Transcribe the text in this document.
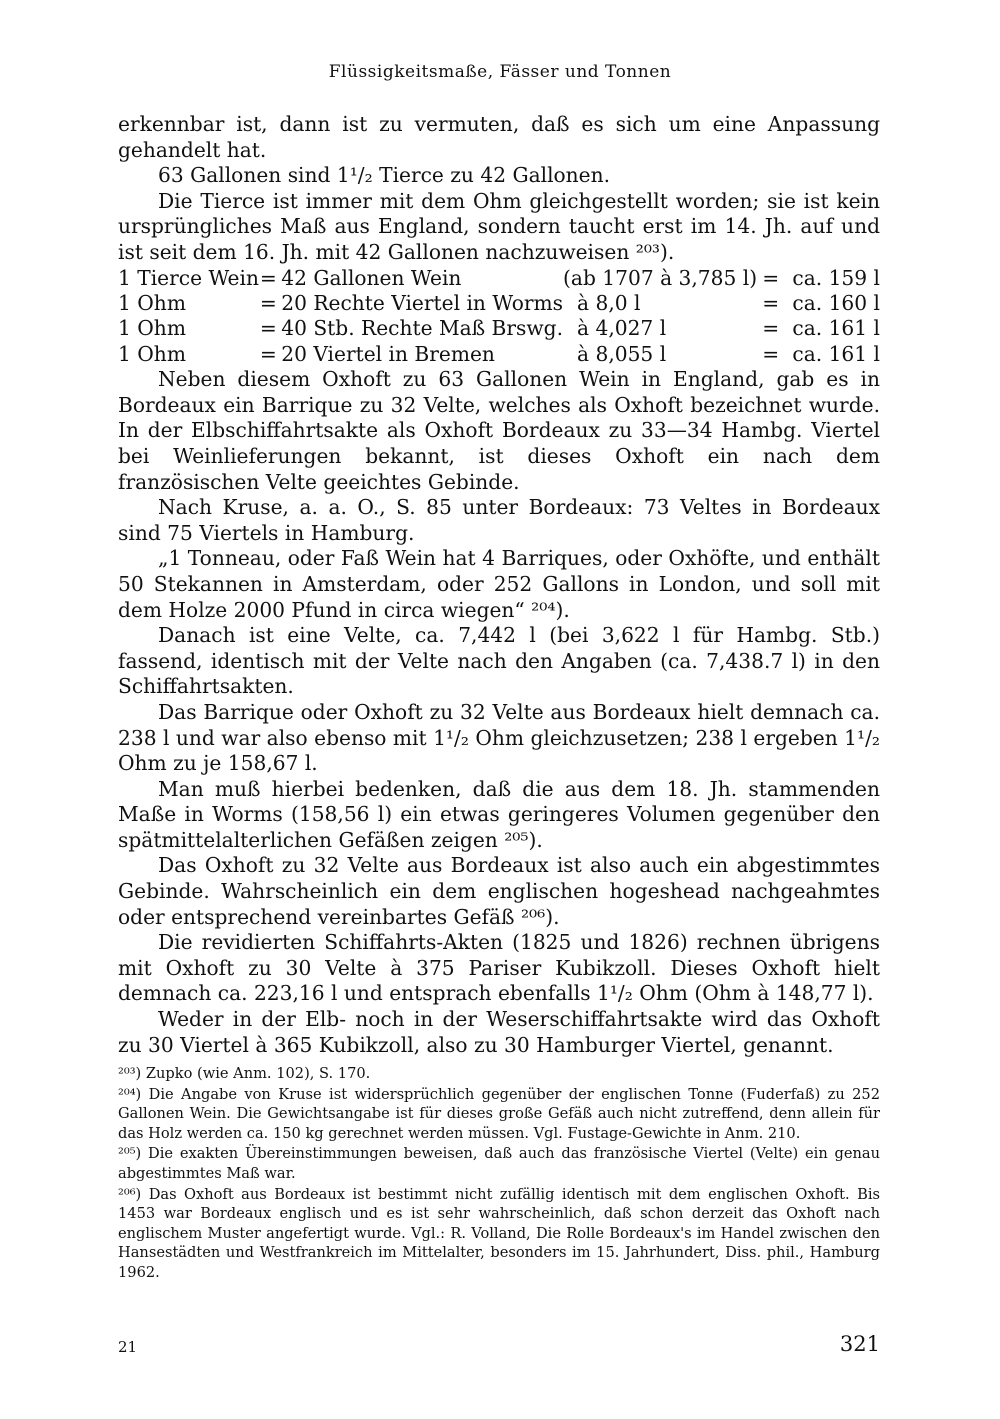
Flüssigkeitsmaße, Fässer und Tonnen

erkennbar ist, dann ist zu vermuten, daß es sich um eine Anpassung gehandelt hat.

63 Gallonen sind 1¹/₂ Tierce zu 42 Gallonen.

Die Tierce ist immer mit dem Ohm gleichgestellt worden; sie ist kein ursprüngliches Maß aus England, sondern taucht erst im 14. Jh. auf und ist seit dem 16. Jh. mit 42 Gallonen nachzuweisen ²⁰³).

1 Tierce Wein	=	42 Gallonen Wein	(ab 1707 à 3,785 l)	=	ca. 159 l
1 Ohm	=	20 Rechte Viertel in Worms	à 8,0 l	=	ca. 160 l
1 Ohm	=	40 Stb. Rechte Maß Brswg.	à 4,027 l	=	ca. 161 l
1 Ohm	=	20 Viertel in Bremen	à 8,055 l	=	ca. 161 l

Neben diesem Oxhoft zu 63 Gallonen Wein in England, gab es in Bordeaux ein Barrique zu 32 Velte, welches als Oxhoft bezeichnet wurde. In der Elbschiffahrtsakte als Oxhoft Bordeaux zu 33—34 Hambg. Viertel bei Weinlieferungen bekannt, ist dieses Oxhoft ein nach dem französischen Velte geeichtes Gebinde.

Nach Kruse, a. a. O., S. 85 unter Bordeaux: 73 Veltes in Bordeaux sind 75 Viertels in Hamburg.

„1 Tonneau, oder Faß Wein hat 4 Barriques, oder Oxhöfte, und enthält 50 Stekannen in Amsterdam, oder 252 Gallons in London, und soll mit dem Holze 2000 Pfund in circa wiegen“ ²⁰⁴).

Danach ist eine Velte, ca. 7,442 l (bei 3,622 l für Hambg. Stb.) fassend, identisch mit der Velte nach den Angaben (ca. 7,438.7 l) in den Schiffahrtsakten.

Das Barrique oder Oxhoft zu 32 Velte aus Bordeaux hielt demnach ca. 238 l und war also ebenso mit 1¹/₂ Ohm gleichzusetzen; 238 l ergeben 1¹/₂ Ohm zu je 158,67 l.

Man muß hierbei bedenken, daß die aus dem 18. Jh. stammenden Maße in Worms (158,56 l) ein etwas geringeres Volumen gegenüber den spätmittelalterlichen Gefäßen zeigen ²⁰⁵).

Das Oxhoft zu 32 Velte aus Bordeaux ist also auch ein abgestimmtes Gebinde. Wahrscheinlich ein dem englischen hogeshead nachgeahmtes oder entsprechend vereinbartes Gefäß ²⁰⁶).

Die revidierten Schiffahrts-Akten (1825 und 1826) rechnen übrigens mit Oxhoft zu 30 Velte à 375 Pariser Kubikzoll. Dieses Oxhoft hielt demnach ca. 223,16 l und entsprach ebenfalls 1¹/₂ Ohm (Ohm à 148,77 l).

Weder in der Elb- noch in der Weserschiffahrtsakte wird das Oxhoft zu 30 Viertel à 365 Kubikzoll, also zu 30 Hamburger Viertel, genannt.

²⁰³) Zupko (wie Anm. 102), S. 170.

²⁰⁴) Die Angabe von Kruse ist widersprüchlich gegenüber der englischen Tonne (Fuderfaß) zu 252 Gallonen Wein. Die Gewichtsangabe ist für dieses große Gefäß auch nicht zutreffend, denn allein für das Holz werden ca. 150 kg gerechnet werden müssen. Vgl. Fustage-Gewichte in Anm. 210.

²⁰⁵) Die exakten Übereinstimmungen beweisen, daß auch das französische Viertel (Velte) ein genau abgestimmtes Maß war.

²⁰⁶) Das Oxhoft aus Bordeaux ist bestimmt nicht zufällig identisch mit dem englischen Oxhoft. Bis 1453 war Bordeaux englisch und es ist sehr wahrscheinlich, daß schon derzeit das Oxhoft nach englischem Muster angefertigt wurde. Vgl.: R. Volland, Die Rolle Bordeaux's im Handel zwischen den Hansestädten und Westfrankreich im Mittelalter, besonders im 15. Jahrhundert, Diss. phil., Hamburg 1962.

21	321
